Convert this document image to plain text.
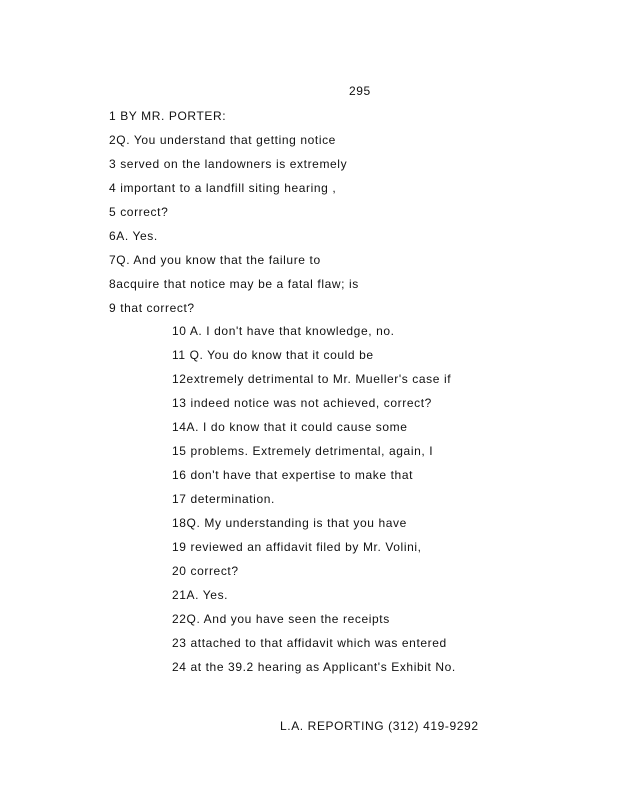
295
1 BY MR. PORTER:
2Q. You understand that getting notice
3 served on the landowners is extremely
4 important to a landfill siting hearing ,
5 correct?
6A. Yes.
7Q. And you know that the failure to
8acquire that notice may be a fatal flaw; is
9 that correct?
10 A. I don't have that knowledge, no.
11 Q. You do know that it could be
12extremely detrimental to Mr. Mueller's case if
13 indeed notice was not achieved, correct?
14A. I do know that it could cause some
15 problems. Extremely detrimental, again, I
16 don't have that expertise to make that
17 determination.
18Q. My understanding is that you have
19 reviewed an affidavit filed by Mr. Volini,
20 correct?
21A. Yes.
22Q. And you have seen the receipts
23 attached to that affidavit which was entered
24 at the 39.2 hearing as Applicant's Exhibit No.
L.A. REPORTING (312) 419-9292
